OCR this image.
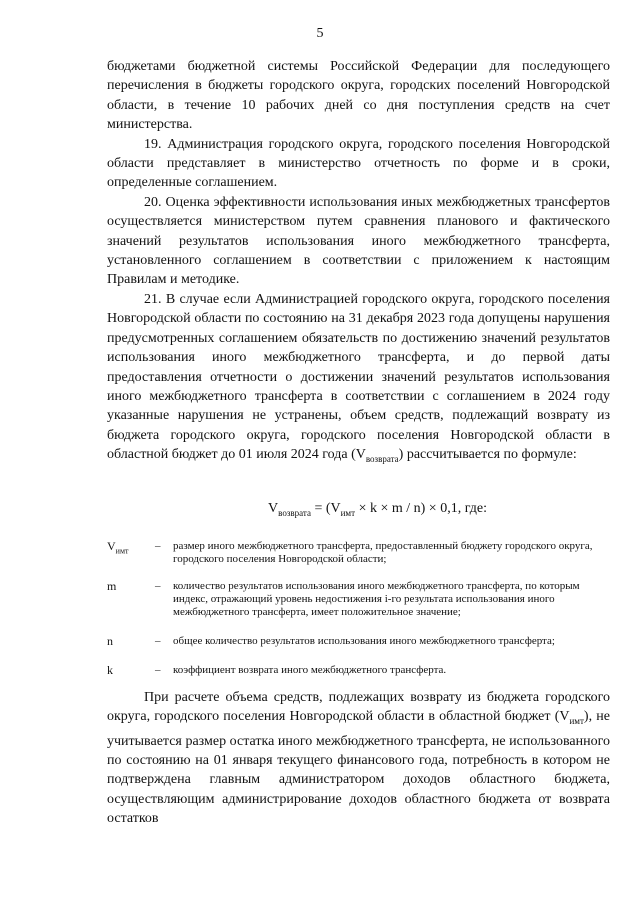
5

бюджетами бюджетной системы Российской Федерации для последующего перечисления в бюджеты городского округа, городских поселений Новгородской области, в течение 10 рабочих дней со дня поступления средств на счет министерства.

19. Администрация городского округа, городского поселения Новгородской области представляет в министерство отчетность по форме и в сроки, определенные соглашением.

20. Оценка эффективности использования иных межбюджетных трансфертов осуществляется министерством путем сравнения планового и фактического значений результатов использования иного межбюджетного трансферта, установленного соглашением в соответствии с приложением к настоящим Правилам и методике.

21. В случае если Администрацией городского округа, городского поселения Новгородской области по состоянию на 31 декабря 2023 года допущены нарушения предусмотренных соглашением обязательств по достижению значений результатов использования иного межбюджетного трансферта, и до первой даты предоставления отчетности о достижении значений результатов использования иного межбюджетного трансферта в соответствии с соглашением в 2024 году указанные нарушения не устранены, объем средств, подлежащий возврату из бюджета городского округа, городского поселения Новгородской области в областной бюджет до 01 июля 2024 года $(V_{возврата})$ рассчитывается по формуле:

$V_{возврата} = (V_{имт} \times k \times m / n) \times 0,1$, где:
$V_{имт}$ – размер иного межбюджетного трансферта, предоставленный бюджету городского округа, городского поселения Новгородской области;
m	– количество результатов использования иного межбюджетного трансферта, по которым индекс, отражающий уровень недостижения i-го результата использования иного межбюджетного трансферта, имеет положительное значение;
n	– общее количество результатов использования иного межбюджетного трансферта;
k	– коэффициент возврата иного межбюджетного трансферта.

При расчете объема средств, подлежащих возврату из бюджета городского округа, городского поселения Новгородской области в областной бюджет $(V_{имт})$, не учитывается размер остатка иного межбюджетного трансферта, не использованного по состоянию на 01 января текущего финансового года, потребность в котором не подтверждена главным администратором доходов областного бюджета, осуществляющим администрирование доходов областного бюджета от возврата остатков
